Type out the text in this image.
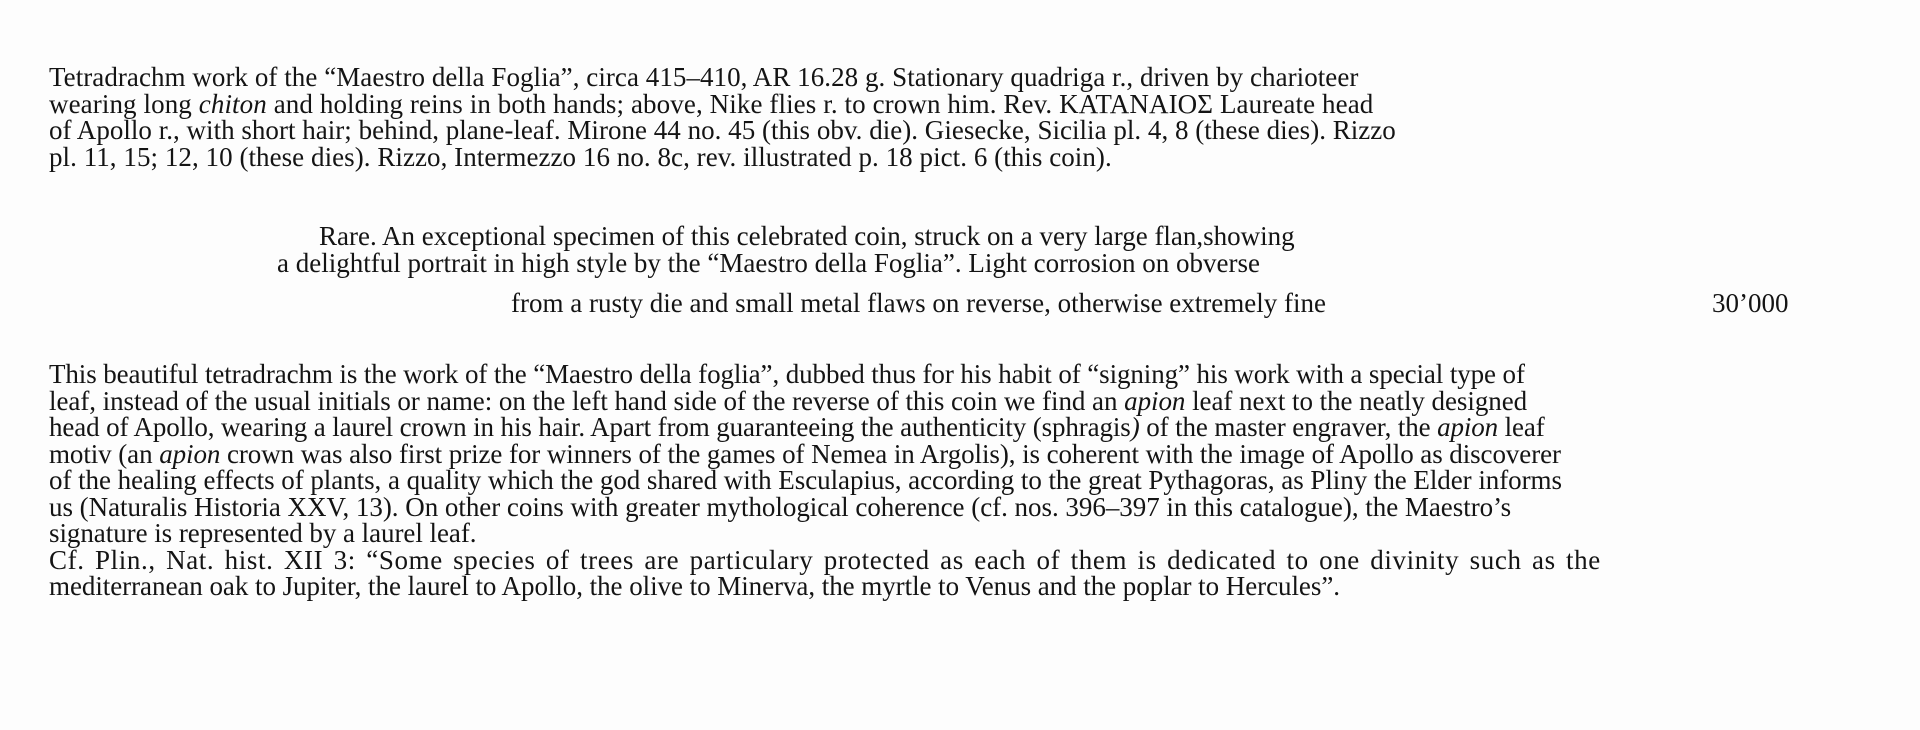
Tetradrachm work of the “Maestro della Foglia”, circa 415–410, AR 16.28 g. Stationary quadriga r., driven by charioteer
wearing long chiton and holding reins in both hands; above, Nike flies r. to crown him. Rev. ΚΑΤΑΝΑΙΟΣ Laureate head
of Apollo r., with short hair; behind, plane-leaf. Mirone 44 no. 45 (this obv. die). Giesecke, Sicilia pl. 4, 8 (these dies). Rizzo
pl. 11, 15; 12, 10 (these dies). Rizzo, Intermezzo 16 no. 8c, rev. illustrated p. 18 pict. 6 (this coin).
Rare. An exceptional specimen of this celebrated coin, struck on a very large flan,showing
a delightful portrait in high style by the “Maestro della Foglia”. Light corrosion on obverse
from a rusty die and small metal flaws on reverse, otherwise extremely fine	30’000
This beautiful tetradrachm is the work of the “Maestro della foglia”, dubbed thus for his habit of “signing” his work with a special type of
leaf, instead of the usual initials or name: on the left hand side of the reverse of this coin we find an apion leaf next to the neatly designed
head of Apollo, wearing a laurel crown in his hair. Apart from guaranteeing the authenticity (sphragis) of the master engraver, the apion leaf
motiv (an apion crown was also first prize for winners of the games of Nemea in Argolis), is coherent with the image of Apollo as discoverer
of the healing effects of plants, a quality which the god shared with Esculapius, according to the great Pythagoras, as Pliny the Elder informs
us (Naturalis Historia XXV, 13). On other coins with greater mythological coherence (cf. nos. 396–397 in this catalogue), the Maestro’s
signature is represented by a laurel leaf.
Cf. Plin., Nat. hist. XII 3: “Some species of trees are particulary protected as each of them is dedicated to one divinity such as the
mediterranean oak to Jupiter, the laurel to Apollo, the olive to Minerva, the myrtle to Venus and the poplar to Hercules”.
